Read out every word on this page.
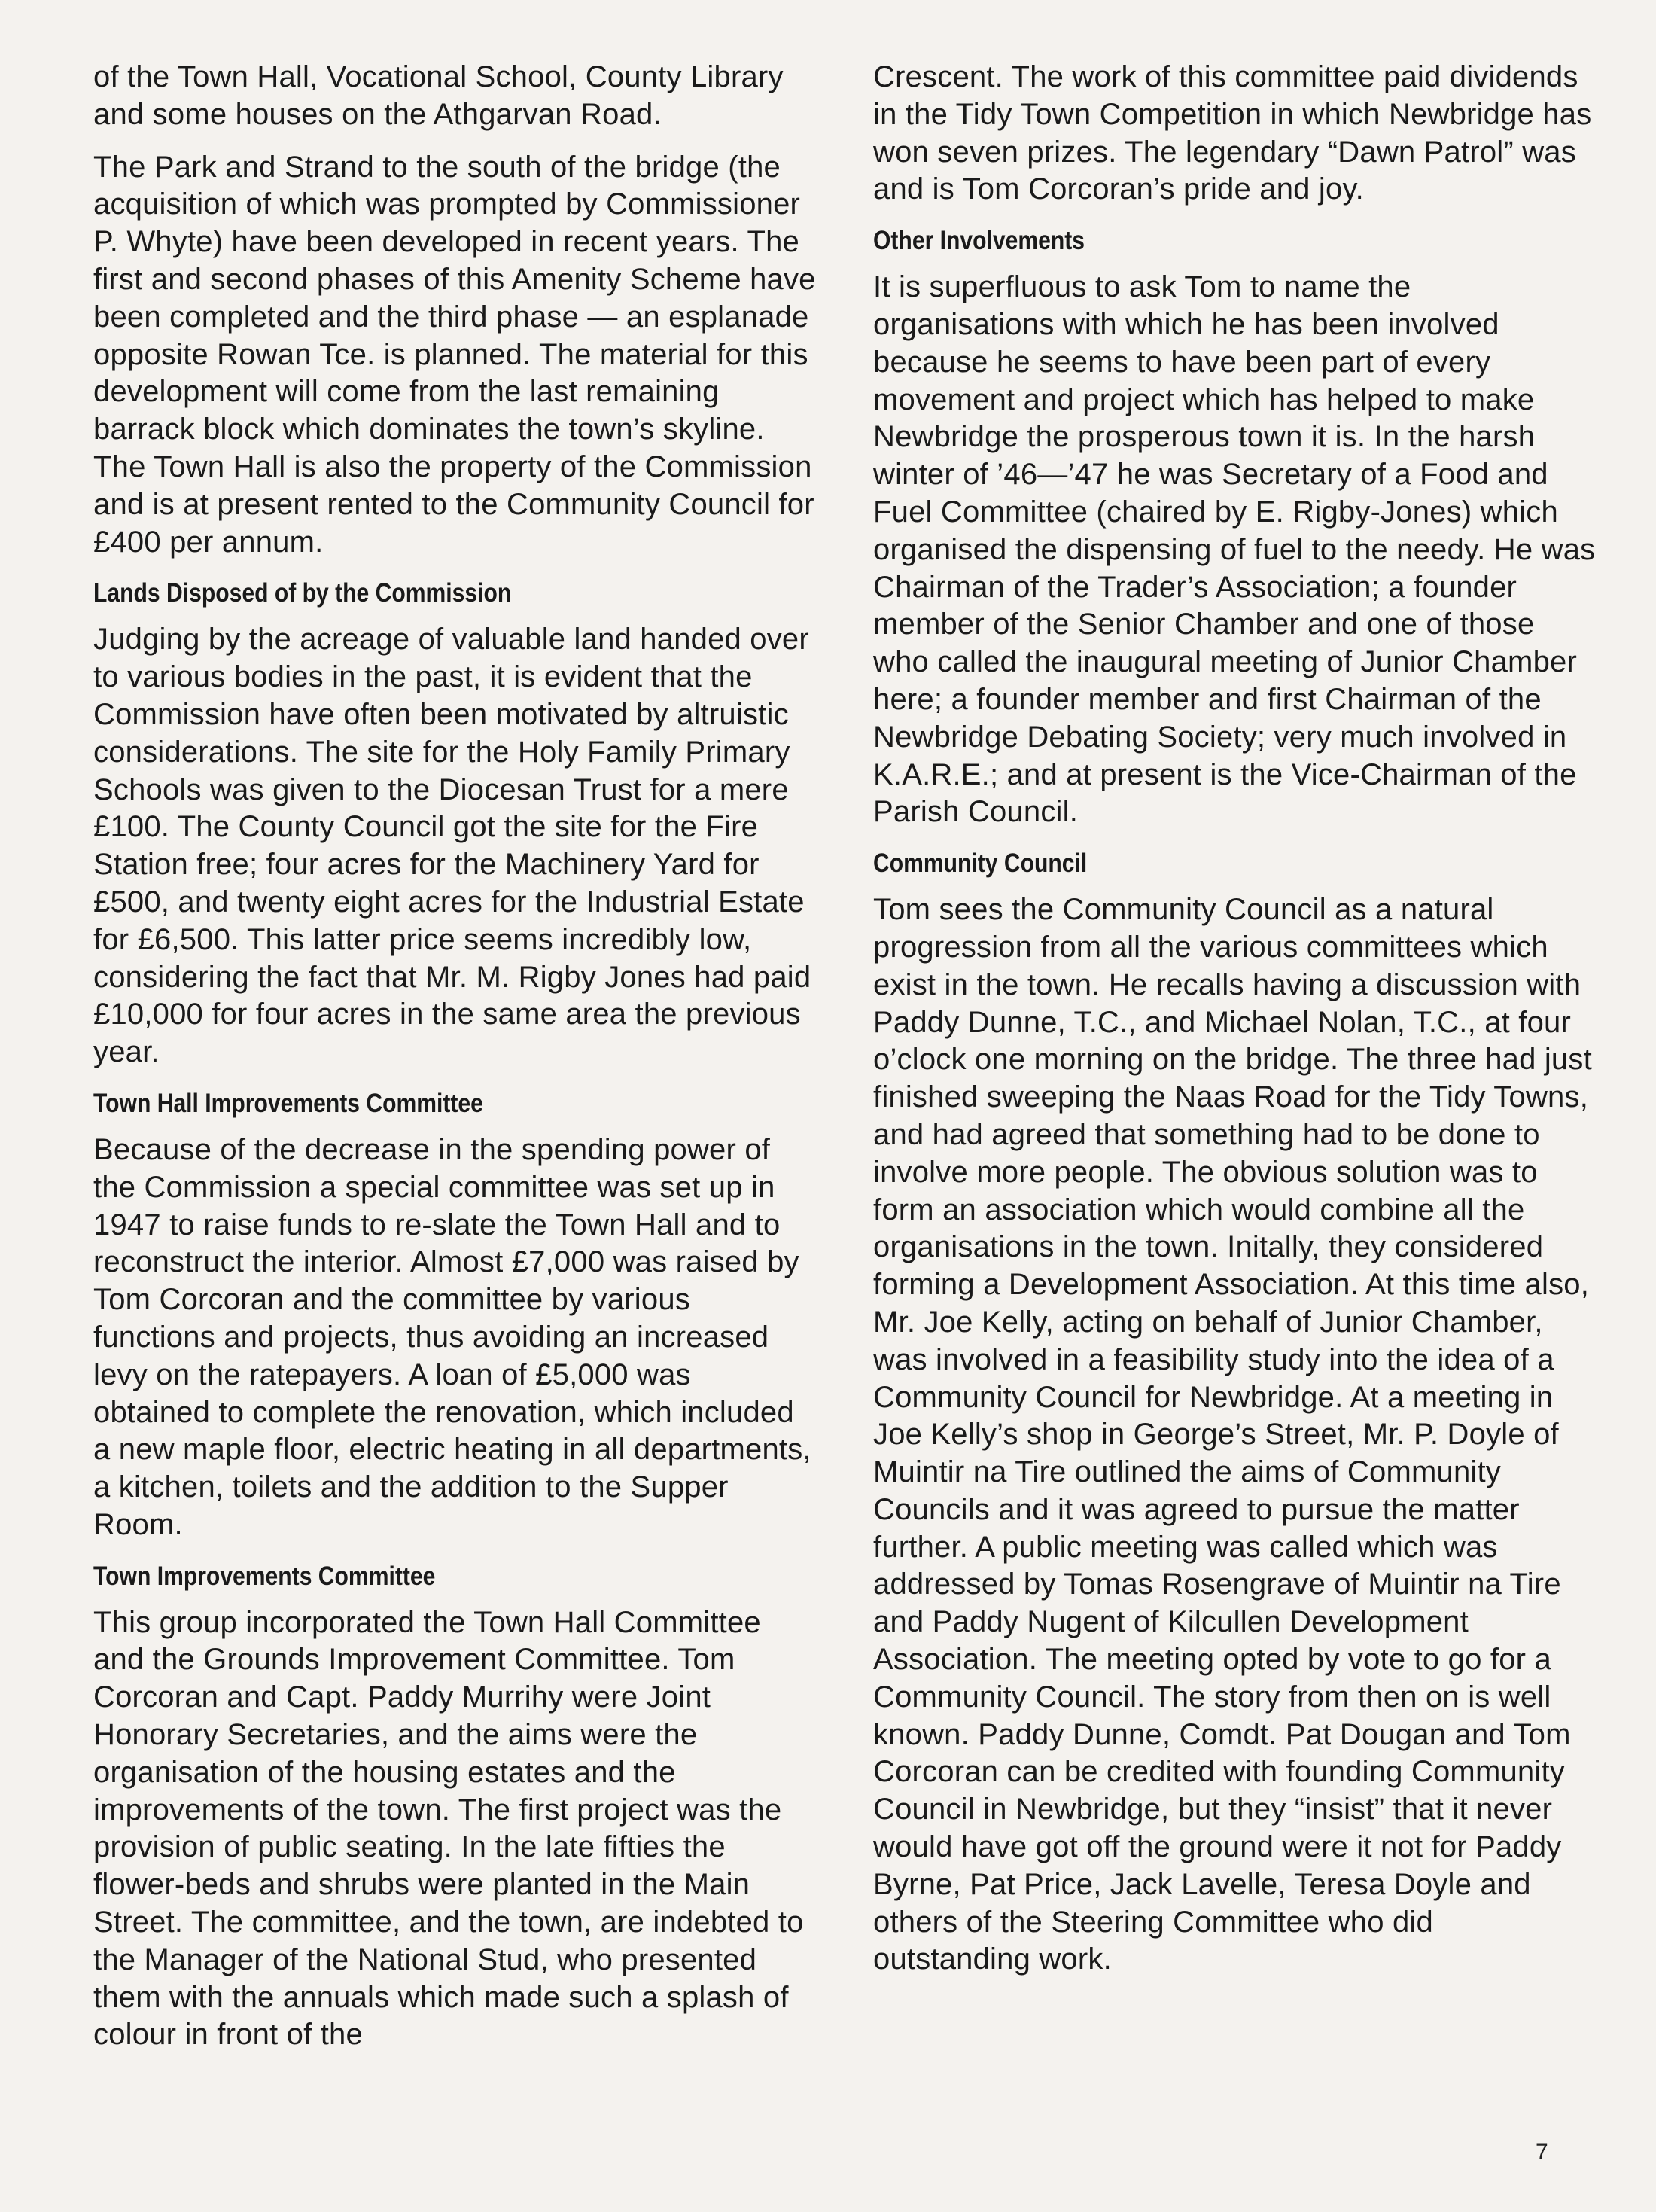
of the Town Hall, Vocational School, County Library and some houses on the Athgarvan Road.

The Park and Strand to the south of the bridge (the acquisition of which was prompted by Commissioner P. Whyte) have been developed in recent years. The first and second phases of this Amenity Scheme have been completed and the third phase — an esplanade opposite Rowan Tce. is planned. The material for this development will come from the last remaining barrack block which dominates the town’s skyline. The Town Hall is also the property of the Commission and is at present rented to the Community Council for £400 per annum.

Lands Disposed of by the Commission

Judging by the acreage of valuable land handed over to various bodies in the past, it is evident that the Commission have often been motivated by altruistic considerations. The site for the Holy Family Primary Schools was given to the Diocesan Trust for a mere £100. The County Council got the site for the Fire Station free; four acres for the Machinery Yard for £500, and twenty eight acres for the Industrial Estate for £6,500. This latter price seems incredibly low, considering the fact that Mr. M. Rigby Jones had paid £10,000 for four acres in the same area the previous year.

Town Hall Improvements Committee

Because of the decrease in the spending power of the Commission a special committee was set up in 1947 to raise funds to re-slate the Town Hall and to reconstruct the interior. Almost £7,000 was raised by Tom Corcoran and the committee by various functions and projects, thus avoiding an increased levy on the ratepayers. A loan of £5,000 was obtained to complete the renovation, which included a new maple floor, electric heating in all departments, a kitchen, toilets and the addition to the Supper Room.

Town Improvements Committee

This group incorporated the Town Hall Committee and the Grounds Improvement Committee. Tom Corcoran and Capt. Paddy Murrihy were Joint Honorary Secretaries, and the aims were the organisation of the housing estates and the improvements of the town. The first project was the provision of public seating. In the late fifties the flower-beds and shrubs were planted in the Main Street. The committee, and the town, are indebted to the Manager of the National Stud, who presented them with the annuals which made such a splash of colour in front of the

Crescent. The work of this committee paid dividends in the Tidy Town Competition in which Newbridge has won seven prizes. The legendary “Dawn Patrol” was and is Tom Corcoran’s pride and joy.

Other Involvements

It is superfluous to ask Tom to name the organisations with which he has been involved because he seems to have been part of every movement and project which has helped to make Newbridge the prosperous town it is. In the harsh winter of ’46—’47 he was Secretary of a Food and Fuel Committee (chaired by E. Rigby-Jones) which organised the dispensing of fuel to the needy. He was Chairman of the Trader’s Association; a founder member of the Senior Chamber and one of those who called the inaugural meeting of Junior Chamber here; a founder member and first Chairman of the Newbridge Debating Society; very much involved in K.A.R.E.; and at present is the Vice-Chairman of the Parish Council.

Community Council

Tom sees the Community Council as a natural progression from all the various committees which exist in the town. He recalls having a discussion with Paddy Dunne, T.C., and Michael Nolan, T.C., at four o’clock one morning on the bridge. The three had just finished sweeping the Naas Road for the Tidy Towns, and had agreed that something had to be done to involve more people. The obvious solution was to form an association which would combine all the organisations in the town. Initally, they considered forming a Development Association. At this time also, Mr. Joe Kelly, acting on behalf of Junior Chamber, was involved in a feasibility study into the idea of a Community Council for Newbridge. At a meeting in Joe Kelly’s shop in George’s Street, Mr. P. Doyle of Muintir na Tire outlined the aims of Community Councils and it was agreed to pursue the matter further. A public meeting was called which was addressed by Tomas Rosengrave of Muintir na Tire and Paddy Nugent of Kilcullen Development Association. The meeting opted by vote to go for a Community Council. The story from then on is well known. Paddy Dunne, Comdt. Pat Dougan and Tom Corcoran can be credited with founding Community Council in Newbridge, but they “insist” that it never would have got off the ground were it not for Paddy Byrne, Pat Price, Jack Lavelle, Teresa Doyle and others of the Steering Committee who did outstanding work.

7
